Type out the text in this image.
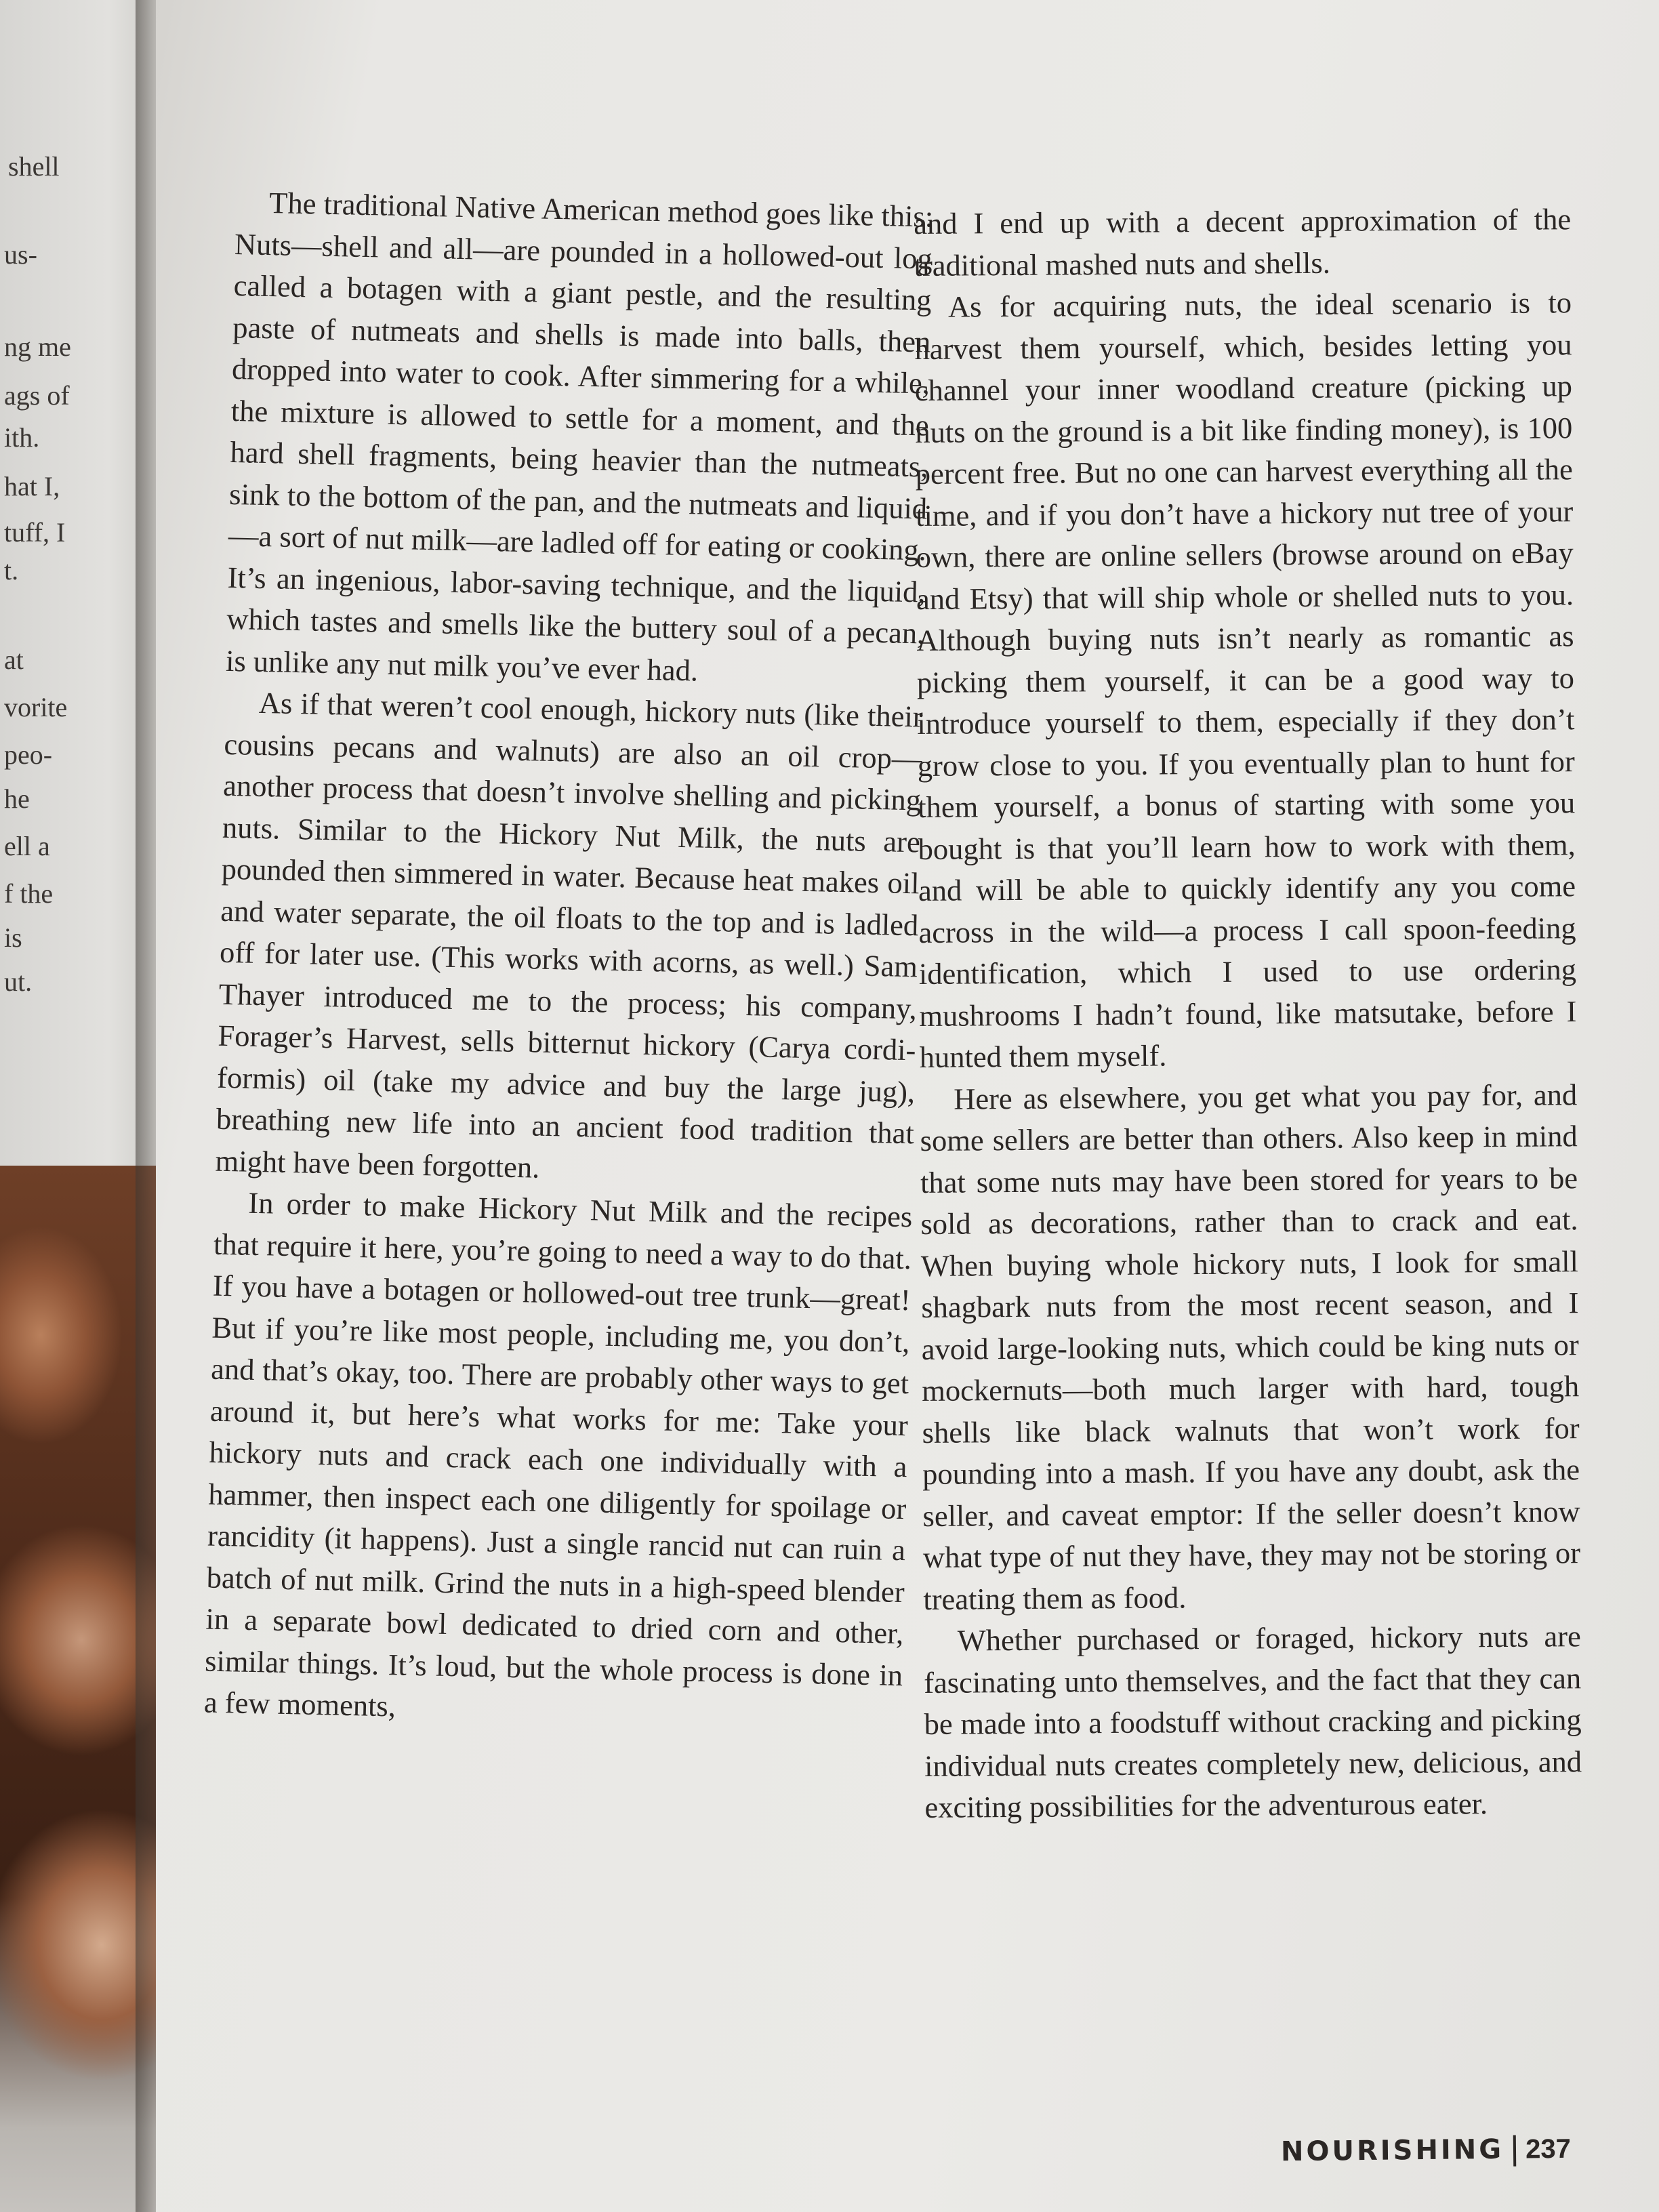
shell
us-
ng me
ags of
ith.
hat I,
tuff, I
t.
at
vorite
peo-
he
ell a
f the
is
ut.

The traditional Native American method goes like this: Nuts—shell and all—are pounded in a hollowed-out log called a botagen with a giant pestle, and the resulting paste of nutmeats and shells is made into balls, then dropped into water to cook. After simmering for a while, the mixture is allowed to settle for a moment, and the hard shell fragments, being heavier than the nutmeats, sink to the bottom of the pan, and the nutmeats and liquid—a sort of nut milk—are ladled off for eating or cooking. It’s an ingenious, labor-saving technique, and the liquid, which tastes and smells like the buttery soul of a pecan, is unlike any nut milk you’ve ever had.

As if that weren’t cool enough, hickory nuts (like their cousins pecans and walnuts) are also an oil crop—another process that doesn’t involve shelling and picking nuts. Similar to the Hickory Nut Milk, the nuts are pounded then simmered in water. Because heat makes oil and water separate, the oil floats to the top and is ladled off for later use. (This works with acorns, as well.) Sam Thayer introduced me to the process; his company, Forager’s Harvest, sells bitternut hickory (Carya cordiformis) oil (take my advice and buy the large jug), breathing new life into an ancient food tradition that might have been forgotten.

In order to make Hickory Nut Milk and the recipes that require it here, you’re going to need a way to do that. If you have a botagen or hollowed-out tree trunk—great! But if you’re like most people, including me, you don’t, and that’s okay, too. There are probably other ways to get around it, but here’s what works for me: Take your hickory nuts and crack each one individually with a hammer, then inspect each one diligently for spoilage or rancidity (it happens). Just a single rancid nut can ruin a batch of nut milk. Grind the nuts in a high-speed blender in a separate bowl dedicated to dried corn and other, similar things. It’s loud, but the whole process is done in a few moments,

and I end up with a decent approximation of the traditional mashed nuts and shells.

As for acquiring nuts, the ideal scenario is to harvest them yourself, which, besides letting you channel your inner woodland creature (picking up nuts on the ground is a bit like finding money), is 100 percent free. But no one can harvest everything all the time, and if you don’t have a hickory nut tree of your own, there are online sellers (browse around on eBay and Etsy) that will ship whole or shelled nuts to you. Although buying nuts isn’t nearly as romantic as picking them yourself, it can be a good way to introduce yourself to them, especially if they don’t grow close to you. If you eventually plan to hunt for them yourself, a bonus of starting with some you bought is that you’ll learn how to work with them, and will be able to quickly identify any you come across in the wild—a process I call spoon-feeding identification, which I used to use ordering mushrooms I hadn’t found, like matsutake, before I hunted them myself.

Here as elsewhere, you get what you pay for, and some sellers are better than others. Also keep in mind that some nuts may have been stored for years to be sold as decorations, rather than to crack and eat. When buying whole hickory nuts, I look for small shagbark nuts from the most recent season, and I avoid large-looking nuts, which could be king nuts or mockernuts—both much larger with hard, tough shells like black walnuts that won’t work for pounding into a mash. If you have any doubt, ask the seller, and caveat emptor: If the seller doesn’t know what type of nut they have, they may not be storing or treating them as food.

Whether purchased or foraged, hickory nuts are fascinating unto themselves, and the fact that they can be made into a foodstuff without cracking and picking individual nuts creates completely new, delicious, and exciting possibilities for the adventurous eater.

NOURISHING 237
